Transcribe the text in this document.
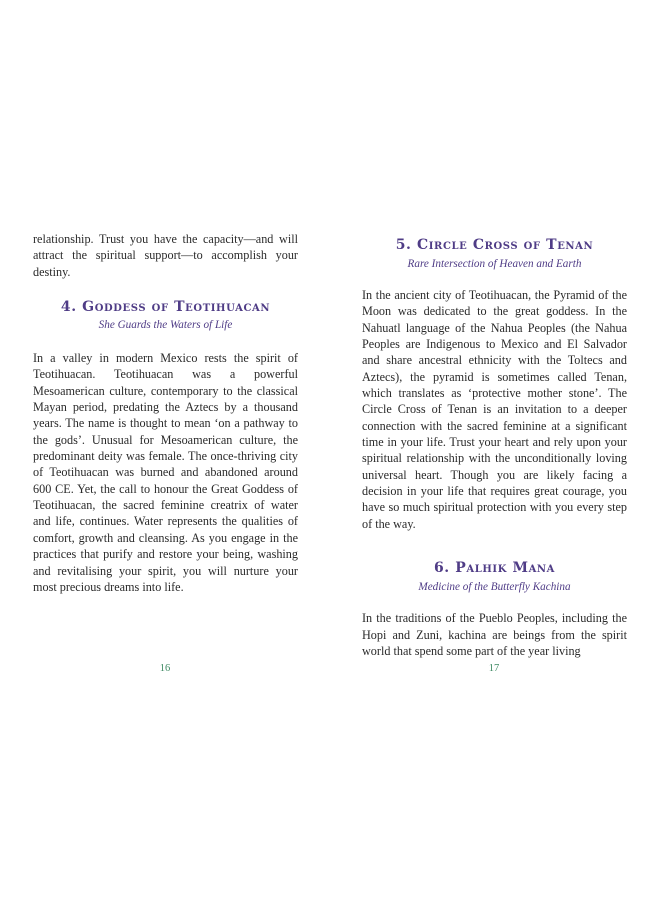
relationship. Trust you have the capacity—and will attract the spiritual support—to accomplish your destiny.

4. Goddess of Teotihuacan
She Guards the Waters of Life

In a valley in modern Mexico rests the spirit of Teotihuacan. Teotihuacan was a powerful Mesoamerican culture, contemporary to the classical Mayan period, predating the Aztecs by a thousand years. The name is thought to mean ‘on a pathway to the gods’. Unusual for Mesoamerican culture, the predominant deity was female. The once-thriving city of Teotihuacan was burned and abandoned around 600 CE. Yet, the call to honour the Great Goddess of Teotihuacan, the sacred feminine creatrix of water and life, continues. Water represents the qualities of comfort, growth and cleansing. As you engage in the practices that purify and restore your being, washing and revitalising your spirit, you will nurture your most precious dreams into life.

5. Circle Cross of Tenan
Rare Intersection of Heaven and Earth

In the ancient city of Teotihuacan, the Pyramid of the Moon was dedicated to the great goddess. In the Nahuatl language of the Nahua Peoples (the Nahua Peoples are Indigenous to Mexico and El Salvador and share ancestral ethnicity with the Toltecs and Aztecs), the pyramid is sometimes called Tenan, which translates as ‘protective mother stone’. The Circle Cross of Tenan is an invitation to a deeper connection with the sacred feminine at a significant time in your life. Trust your heart and rely upon your spiritual relationship with the unconditionally loving universal heart. Though you are likely facing a decision in your life that requires great courage, you have so much spiritual protection with you every step of the way.

6. Palhik Mana
Medicine of the Butterfly Kachina

In the traditions of the Pueblo Peoples, including the Hopi and Zuni, kachina are beings from the spirit world that spend some part of the year living

16	17
